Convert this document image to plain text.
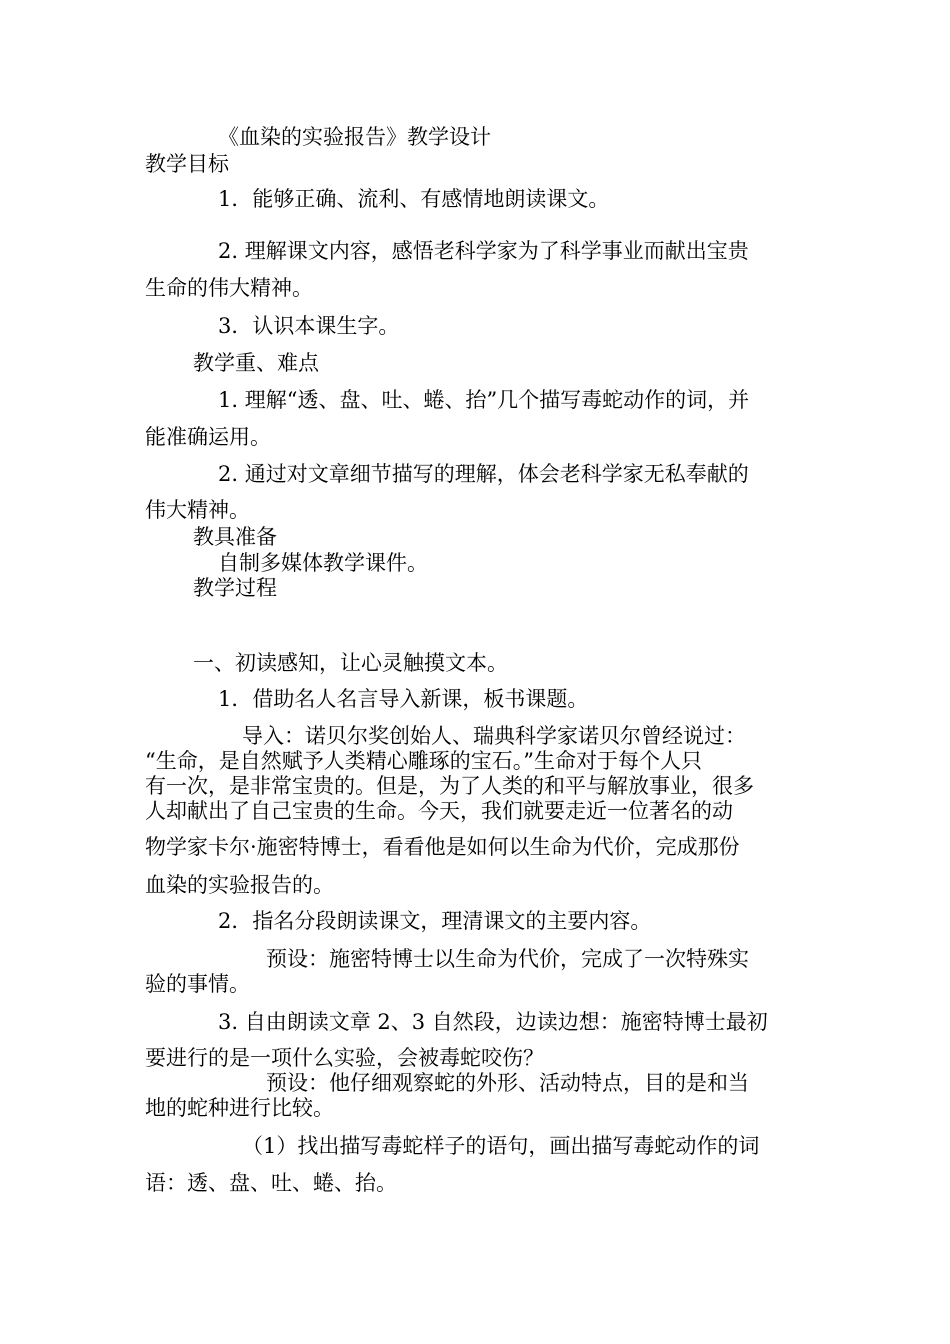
《血染的实验报告》教学设计
教学目标
1．能够正确、流利、有感情地朗读课文。
2. 理解课文内容，感悟老科学家为了科学事业而献出宝贵
生命的伟大精神。
3．认识本课生字。
教学重、难点
1. 理解“透、盘、吐、蜷、抬”几个描写毒蛇动作的词，并
能准确运用。
2. 通过对文章细节描写的理解，体会老科学家无私奉献的
伟大精神。
教具准备
自制多媒体教学课件。
教学过程
一、初读感知，让心灵触摸文本。
1．借助名人名言导入新课，板书课题。
导入：诺贝尔奖创始人、瑞典科学家诺贝尔曾经说过：
“生命，是自然赋予人类精心雕琢的宝石。”生命对于每个人只
有一次，是非常宝贵的。但是，为了人类的和平与解放事业，很多
人却献出了自己宝贵的生命。今天，我们就要走近一位著名的动
物学家卡尔·施密特博士，看看他是如何以生命为代价，完成那份
血染的实验报告的。
2．指名分段朗读课文，理清课文的主要内容。
预设：施密特博士以生命为代价，完成了一次特殊实
验的事情。
3. 自由朗读文章 2、3 自然段，边读边想：施密特博士最初
要进行的是一项什么实验，会被毒蛇咬伤？
预设：他仔细观察蛇的外形、活动特点，目的是和当
地的蛇种进行比较。
（1）找出描写毒蛇样子的语句，画出描写毒蛇动作的词
语：透、盘、吐、蜷、抬。
